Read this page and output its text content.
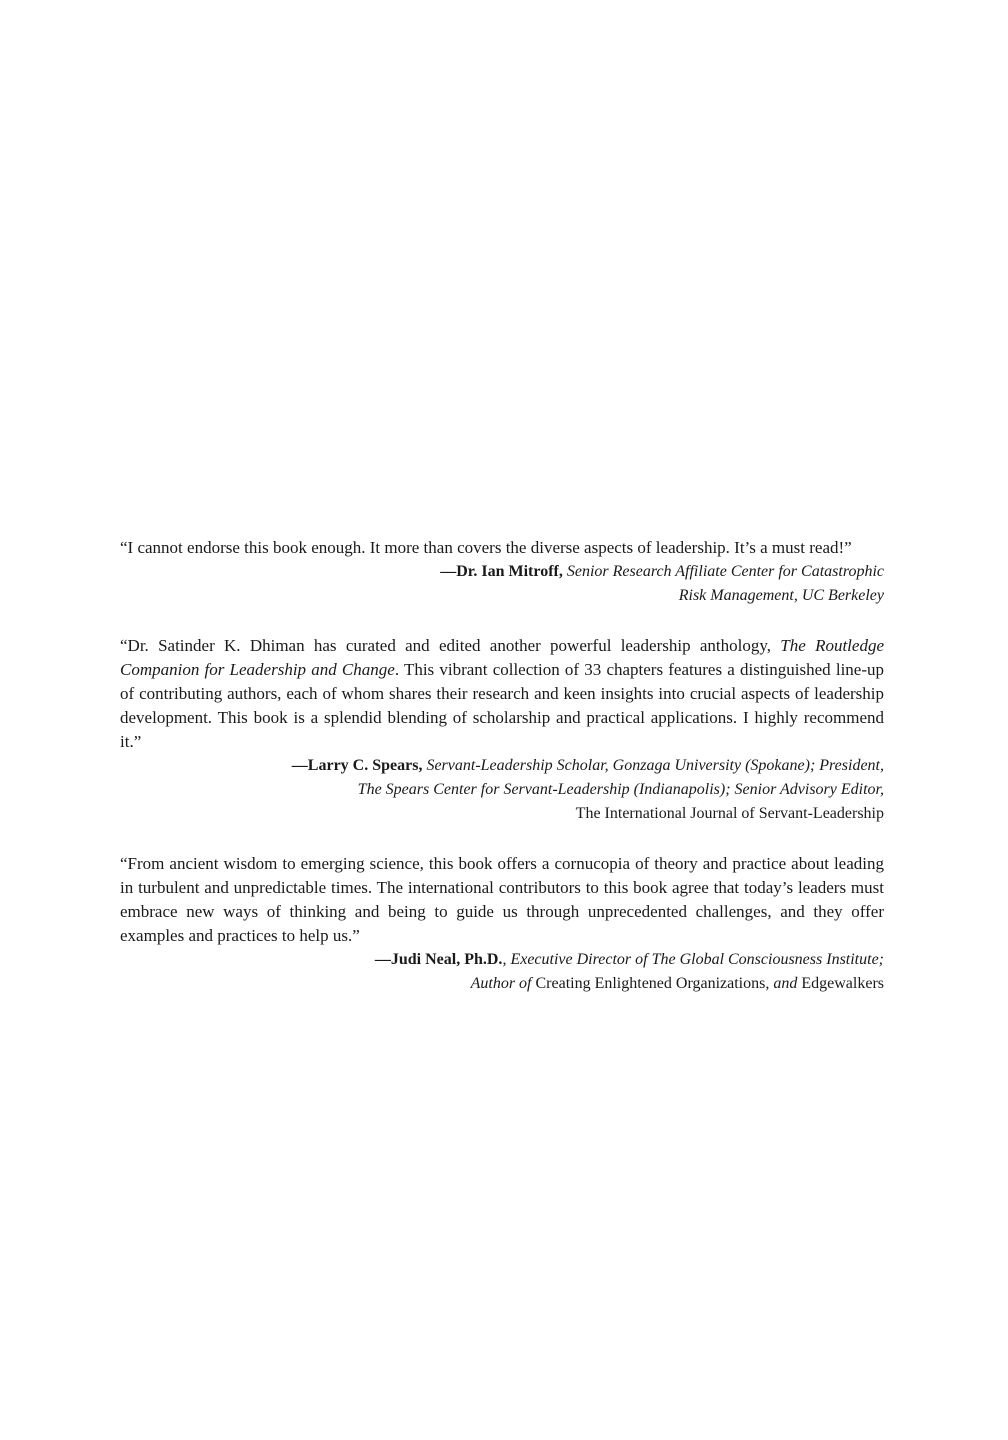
“I cannot endorse this book enough. It more than covers the diverse aspects of leadership. It’s a must read!”

—Dr. Ian Mitroff, Senior Research Affiliate Center for Catastrophic
Risk Management, UC Berkeley

“Dr. Satinder K. Dhiman has curated and edited another powerful leadership anthology, The Routledge Companion for Leadership and Change. This vibrant collection of 33 chapters features a distinguished line-up of contributing authors, each of whom shares their research and keen insights into crucial aspects of leadership development. This book is a splendid blending of scholarship and practical applications. I highly recommend it.”

—Larry C. Spears, Servant-Leadership Scholar, Gonzaga University (Spokane); President,
The Spears Center for Servant-Leadership (Indianapolis); Senior Advisory Editor,
The International Journal of Servant-Leadership

“From ancient wisdom to emerging science, this book offers a cornucopia of theory and practice about leading in turbulent and unpredictable times. The international contributors to this book agree that today’s leaders must embrace new ways of thinking and being to guide us through unprecedented challenges, and they offer examples and practices to help us.”

—Judi Neal, Ph.D., Executive Director of The Global Consciousness Institute;
Author of Creating Enlightened Organizations, and Edgewalkers
